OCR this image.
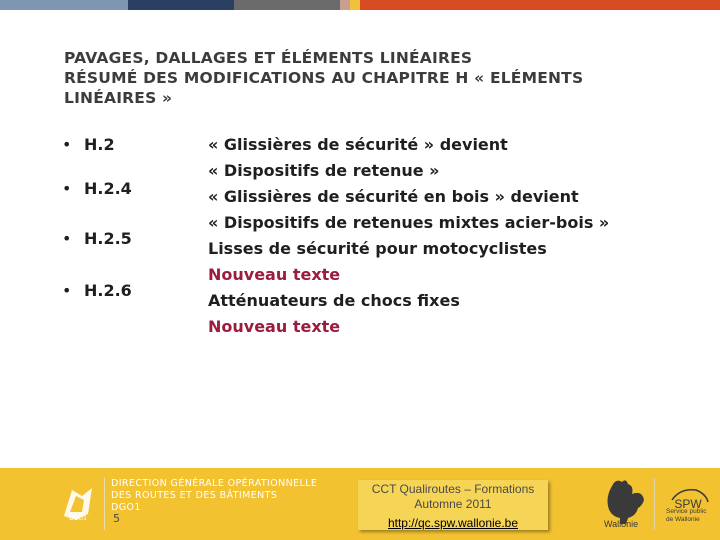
PAVAGES, DALLAGES ET ÉLÉMENTS LINÉAIRES
RÉSUMÉ DES MODIFICATIONS AU CHAPITRE H « ELÉMENTS
LINÉAIRES »
• H.2
• H.2.4
• H.2.5
• H.2.6
« Glissières de sécurité » devient
« Dispositifs de retenue »
« Glissières de sécurité en bois » devient
« Dispositifs de retenues mixtes acier-bois »
Lisses de sécurité pour motocyclistes
Nouveau texte
Atténuateurs de chocs fixes
Nouveau texte
DGO1
DIRECTION GÉNÉRALE OPÉRATIONNELLE
DES ROUTES ET DES BÂTIMENTS
DGO1
5
CCT Qualiroutes – Formations
Automne 2011
http://qc.spw.wallonie.be	Wallonie
SPW
Service public
de Wallonie
